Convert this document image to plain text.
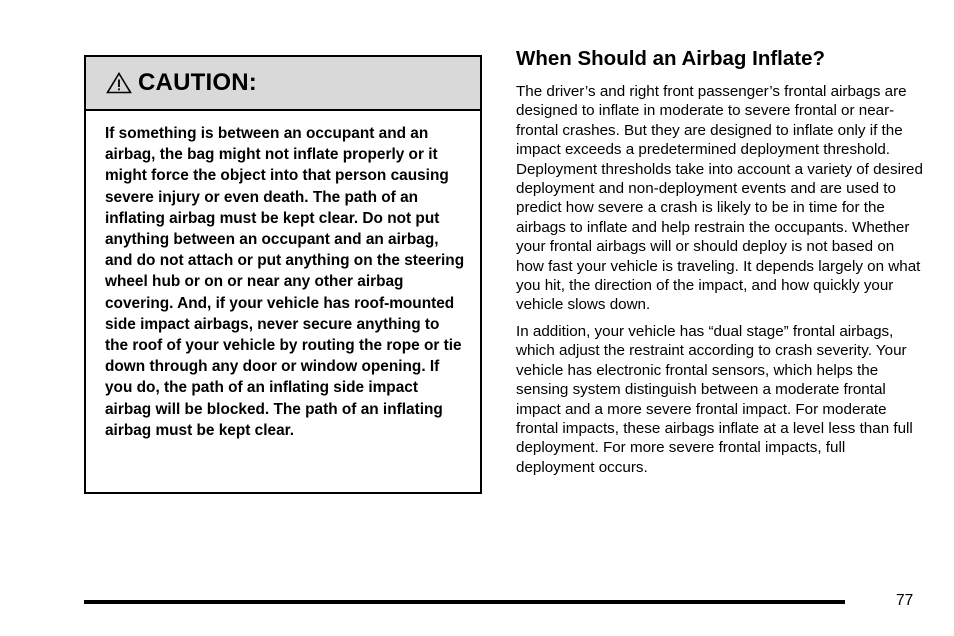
CAUTION:

If something is between an occupant and an airbag, the bag might not inflate properly or it might force the object into that person causing severe injury or even death. The path of an inflating airbag must be kept clear. Do not put anything between an occupant and an airbag, and do not attach or put anything on the steering wheel hub or on or near any other airbag covering. And, if your vehicle has roof-mounted side impact airbags, never secure anything to the roof of your vehicle by routing the rope or tie down through any door or window opening. If you do, the path of an inflating side impact airbag will be blocked. The path of an inflating airbag must be kept clear.

When Should an Airbag Inflate?

The driver’s and right front passenger’s frontal airbags are designed to inflate in moderate to severe frontal or near-frontal crashes. But they are designed to inflate only if the impact exceeds a predetermined deployment threshold. Deployment thresholds take into account a variety of desired deployment and non-deployment events and are used to predict how severe a crash is likely to be in time for the airbags to inflate and help restrain the occupants. Whether your frontal airbags will or should deploy is not based on how fast your vehicle is traveling. It depends largely on what you hit, the direction of the impact, and how quickly your vehicle slows down.

In addition, your vehicle has “dual stage” frontal airbags, which adjust the restraint according to crash severity. Your vehicle has electronic frontal sensors, which helps the sensing system distinguish between a moderate frontal impact and a more severe frontal impact. For moderate frontal impacts, these airbags inflate at a level less than full deployment. For more severe frontal impacts, full deployment occurs.

77
